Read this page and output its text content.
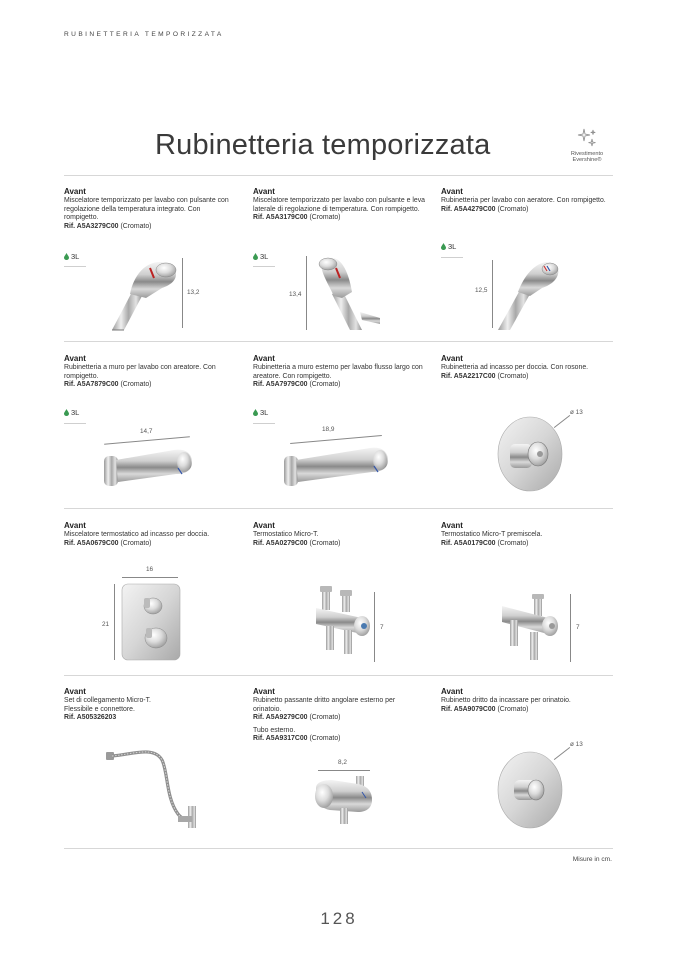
RUBINETTERIA TEMPORIZZATA
Rubinetteria temporizzata	Rivestimento
Evershine®
Avant
Miscelatore temporizzato per lavabo con pulsante con regolazione della temperatura integrato. Con rompigetto.
Rif. A5A3279C00 (Cromato)
3L
13,2
Avant
Miscelatore temporizzato per lavabo con pulsante e leva laterale di regolazione di temperatura. Con rompigetto.
Rif. A5A3179C00 (Cromato)
3L
13,4
Avant
Rubinetteria per lavabo con aeratore. Con rompigetto.
Rif. A5A4279C00 (Cromato)
3L
12,5
Avant
Rubinetteria a muro per lavabo con areatore. Con rompigetto.
Rif. A5A7879C00 (Cromato)
3L
14,7
Avant
Rubinetteria a muro esterno per lavabo flusso largo con areatore. Con rompigetto.
Rif. A5A7979C00 (Cromato)
3L
18,9
Avant
Rubinetteria ad incasso per doccia. Con rosone.
Rif. A5A2217C00 (Cromato)
ø 13
Avant
Miscelatore termostatico ad incasso per doccia.
Rif. A5A0679C00 (Cromato)
16
21
Avant
Termostatico Micro-T.
Rif. A5A0279C00 (Cromato)
7
Avant
Termostatico Micro-T premiscela.
Rif. A5A0179C00 (Cromato)
7
Avant
Set di collegamento Micro-T.
Flessibile e connettore.
Rif. A505326203
Avant
Rubinetto passante dritto angolare esterno per orinatoio.
Rif. A5A9279C00 (Cromato)
Tubo esterno.
Rif. A5A9317C00 (Cromato)
8,2
Avant
Rubinetto dritto da incassare per orinatoio.
Rif. A5A9079C00 (Cromato)
ø 13
Misure in cm.
128
